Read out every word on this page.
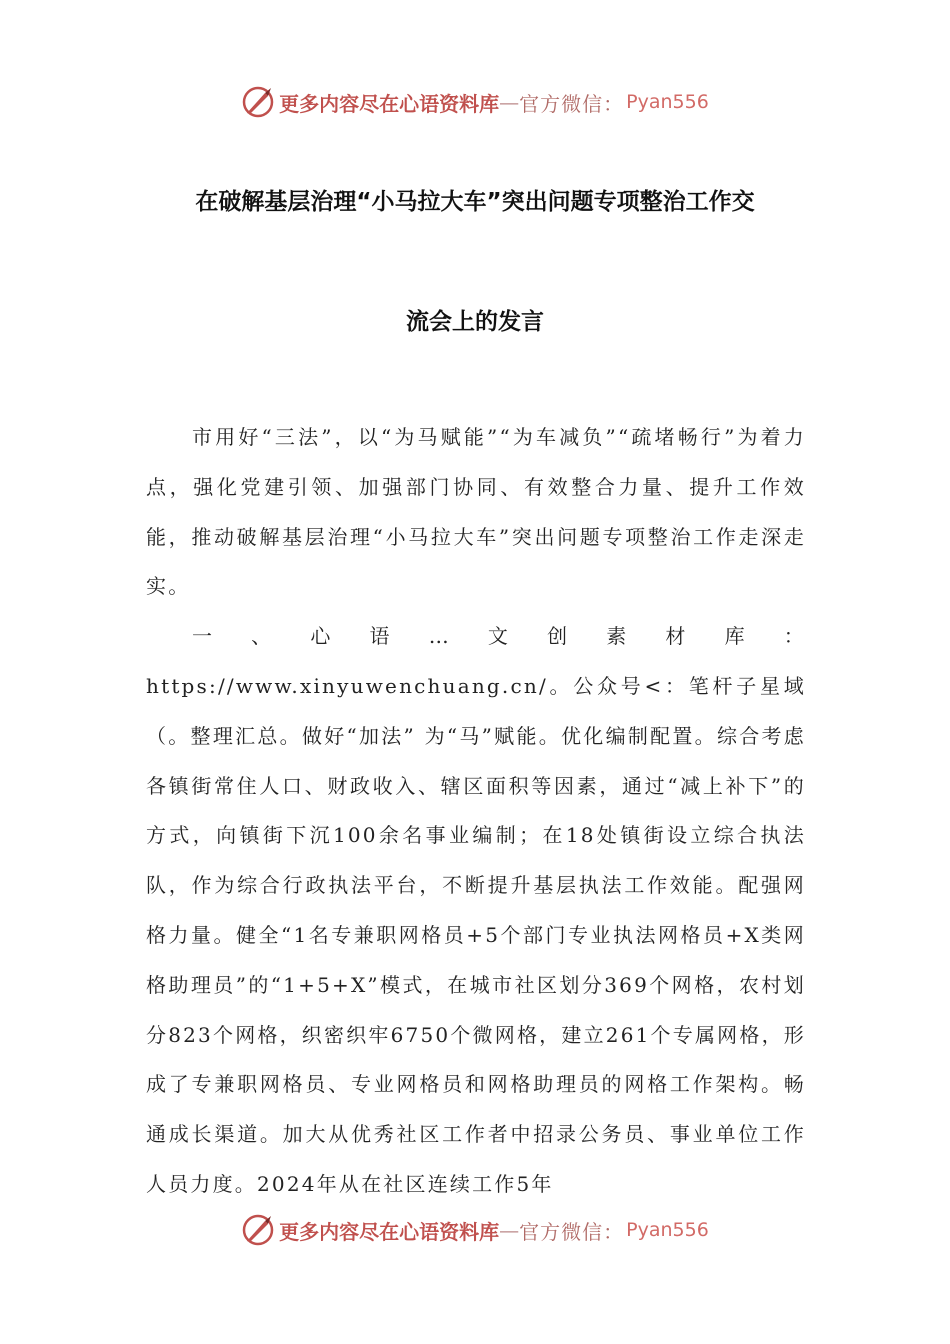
更多内容尽在心语资料库 — 官方微信： Pyan556
在破解基层治理“小马拉大车”突出问题专项整治工作交
流会上的发言

市用好“三法”，以“为马赋能”“为车减负”“疏堵畅行”为着力点，强化党建引领、加强部门协同、有效整合力量、提升工作效能，推动破解基层治理“小马拉大车”突出问题专项整治工作走深走实。

一、心语…文创素材库：https://www.xinyuwenchuang.cn/。公众号<：笔杆子星域（。整理汇总。做好“加法” 为“马”赋能。优化编制配置。综合考虑各镇街常住人口、财政收入、辖区面积等因素，通过“减上补下”的方式，向镇街下沉100余名事业编制；在18处镇街设立综合执法队，作为综合行政执法平台，不断提升基层执法工作效能。配强网格力量。健全“1名专兼职网格员+5个部门专业执法网格员+X类网格助理员”的“1+5+X”模式，在城市社区划分369个网格，农村划分823个网格，织密织牢6750个微网格，建立261个专属网格，形成了专兼职网格员、专业网格员和网格助理员的网格工作架构。畅通成长渠道。加大从优秀社区工作者中招录公务员、事业单位工作人员力度。2024年从在社区连续工作5年

更多内容尽在心语资料库 — 官方微信： Pyan556
